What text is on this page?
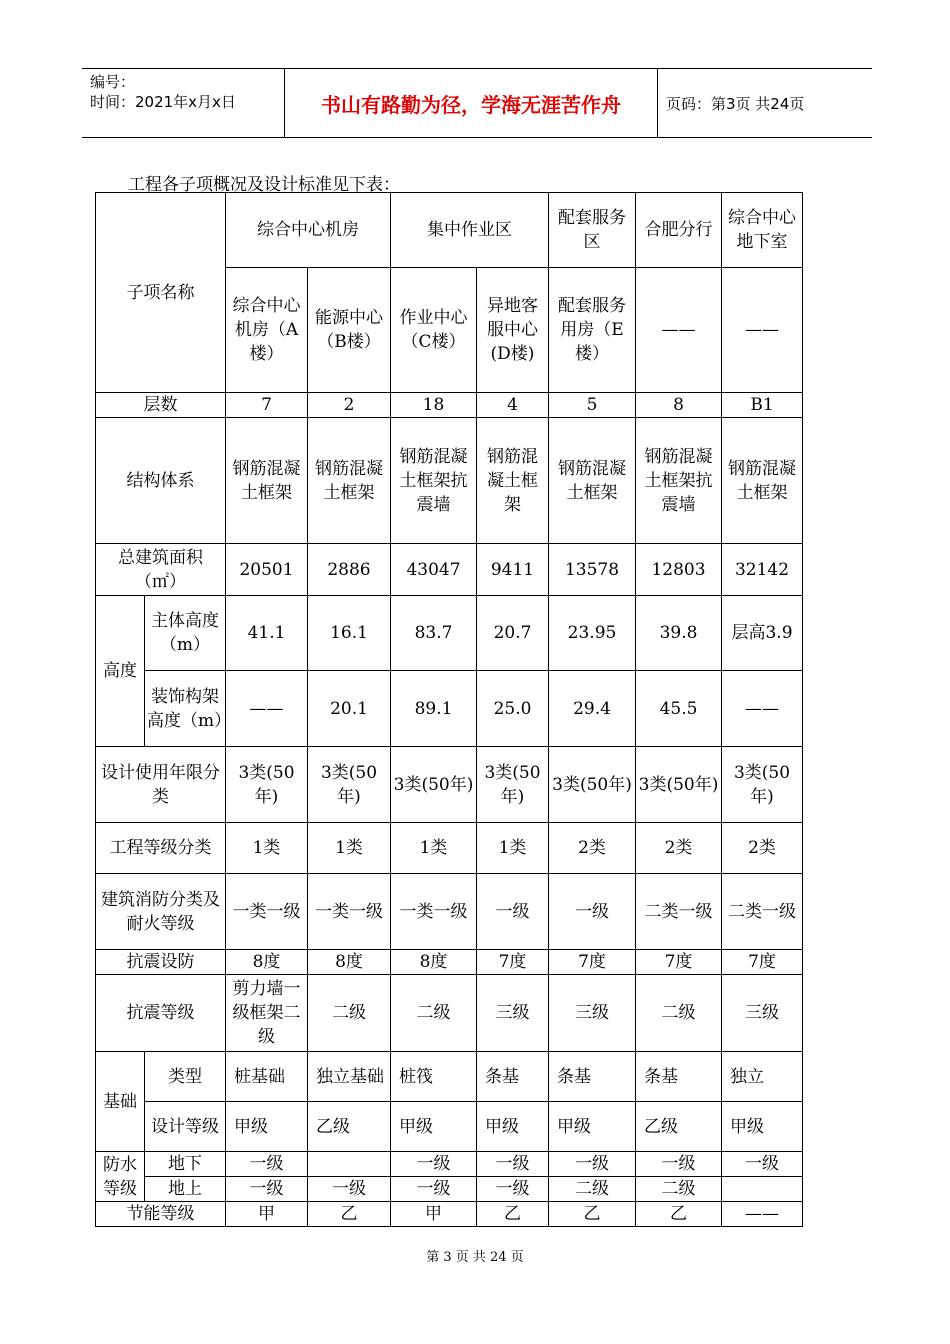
编号：
时间：2021年x月x日	书山有路勤为径，学海无涯苦作舟	页码：第3页 共24页
工程各子项概况及设计标准见下表：
子项名称		综合中心机房		集中作业区		配套服务区	合肥分行	综合中心地下室
		综合中心机房（A楼）	能源中心（B楼）	作业中心（C楼）	异地客服中心(D楼)	配套服务用房（E楼）	——	——
层数		7	2	18	4	5	8	B1
结构体系		钢筋混凝土框架	钢筋混凝土框架	钢筋混凝土框架抗震墙	钢筋混凝土框架	钢筋混凝土框架	钢筋混凝土框架抗震墙	钢筋混凝土框架
总建筑面积（㎡）		20501	2886	43047	9411	13578	12803	32142
高度	主体高度（m）	41.1	16.1	83.7	20.7	23.95	39.8	层高3.9
	装饰构架高度（m）	——	20.1	89.1	25.0	29.4	45.5	——
设计使用年限分类		3类(50年)	3类(50年)	3类(50年)	3类(50年)	3类(50年)	3类(50年)	3类(50年)
工程等级分类		1类	1类	1类	1类	2类	2类	2类
建筑消防分类及耐火等级		一类一级	一类一级	一类一级	一级	一级	二类一级	二类一级
抗震设防		8度	8度	8度	7度	7度	7度	7度
抗震等级		剪力墙一级框架二级	二级	二级	三级	三级	二级	三级
基础	类型	桩基础	独立基础	桩筏	条基	条基	条基	独立
	设计等级	甲级	乙级	甲级	甲级	甲级	乙级	甲级
防水等级	地下	一级		一级	一级	一级	一级	一级
	地上	一级	一级	一级	一级	二级	二级	
节能等级		甲	乙	甲	乙	乙	乙	——
第 3 页 共 24 页
